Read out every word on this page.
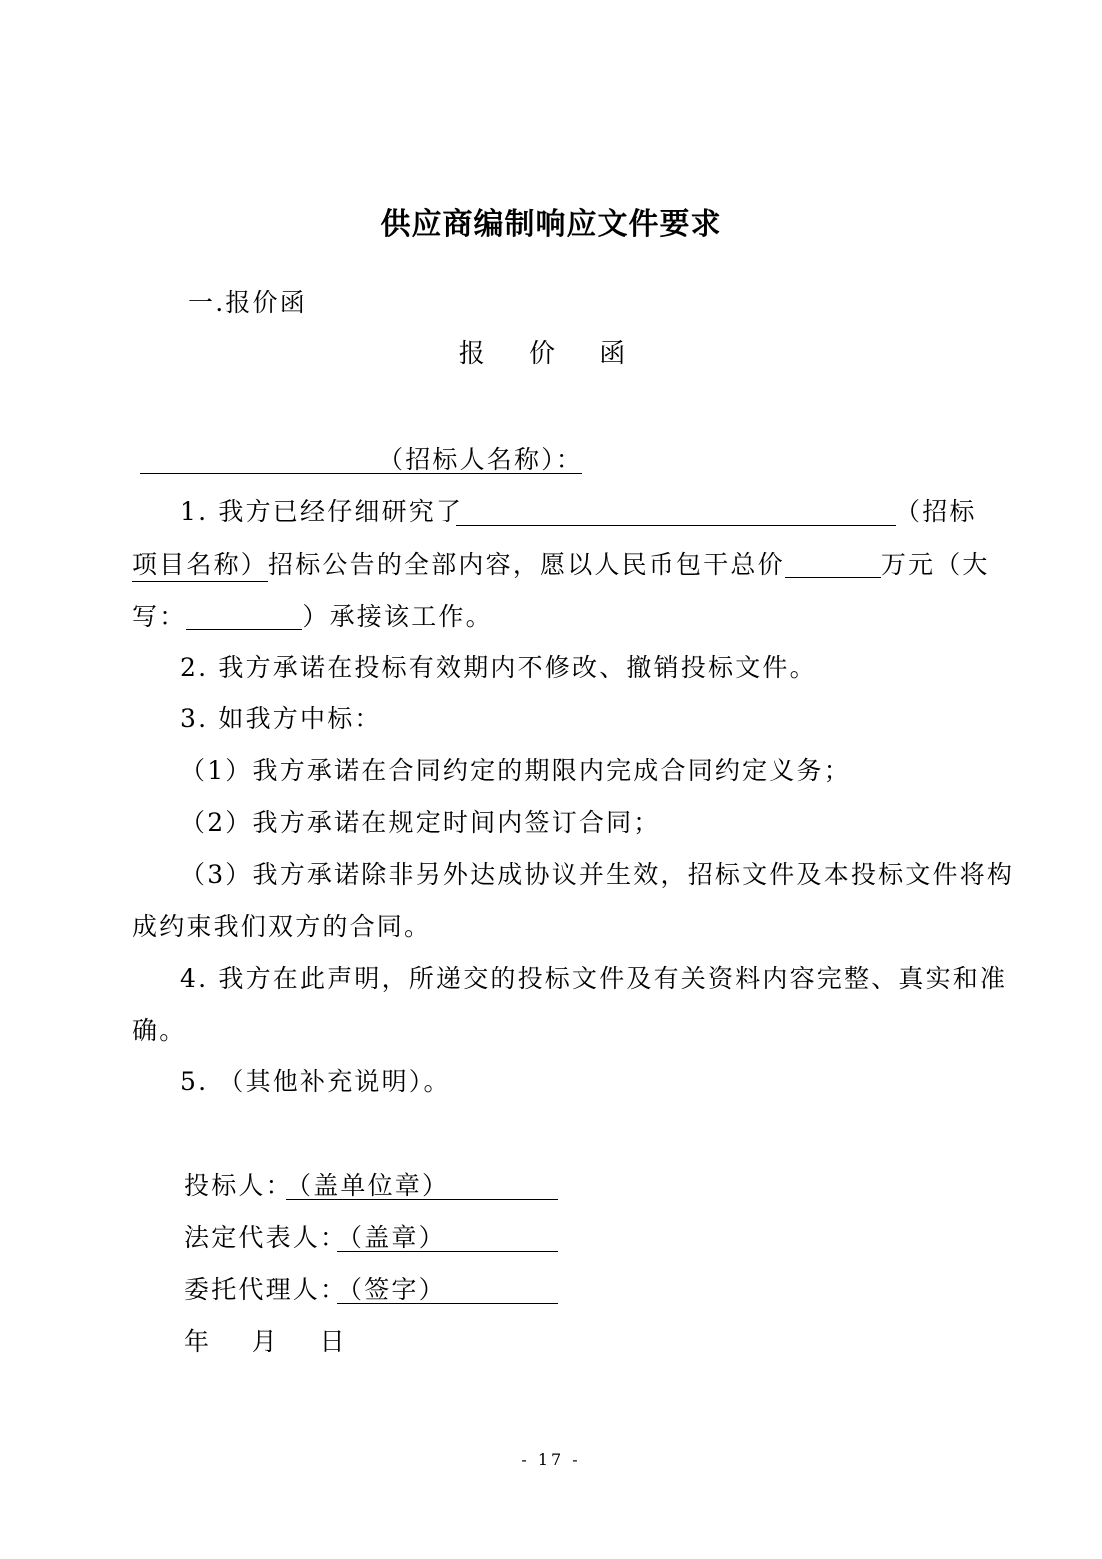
供应商编制响应文件要求
一.报价函
报 价 函
（招标人名称）：
1. 我方已经仔细研究了	（招标
项目名称）招标公告的全部内容，愿以人民币包干总价	万元（大
写：	）承接该工作。
2. 我方承诺在投标有效期内不修改、撤销投标文件。
3. 如我方中标：
（1）我方承诺在合同约定的期限内完成合同约定义务；
（2）我方承诺在规定时间内签订合同；
（3）我方承诺除非另外达成协议并生效，招标文件及本投标文件将构
成约束我们双方的合同。
4. 我方在此声明，所递交的投标文件及有关资料内容完整、真实和准
确。
5. （其他补充说明）。
投标人：
（盖单位章）
法定代表人：
（盖章）
委托代理人：
（签字）
年    月    日
- 17 -
